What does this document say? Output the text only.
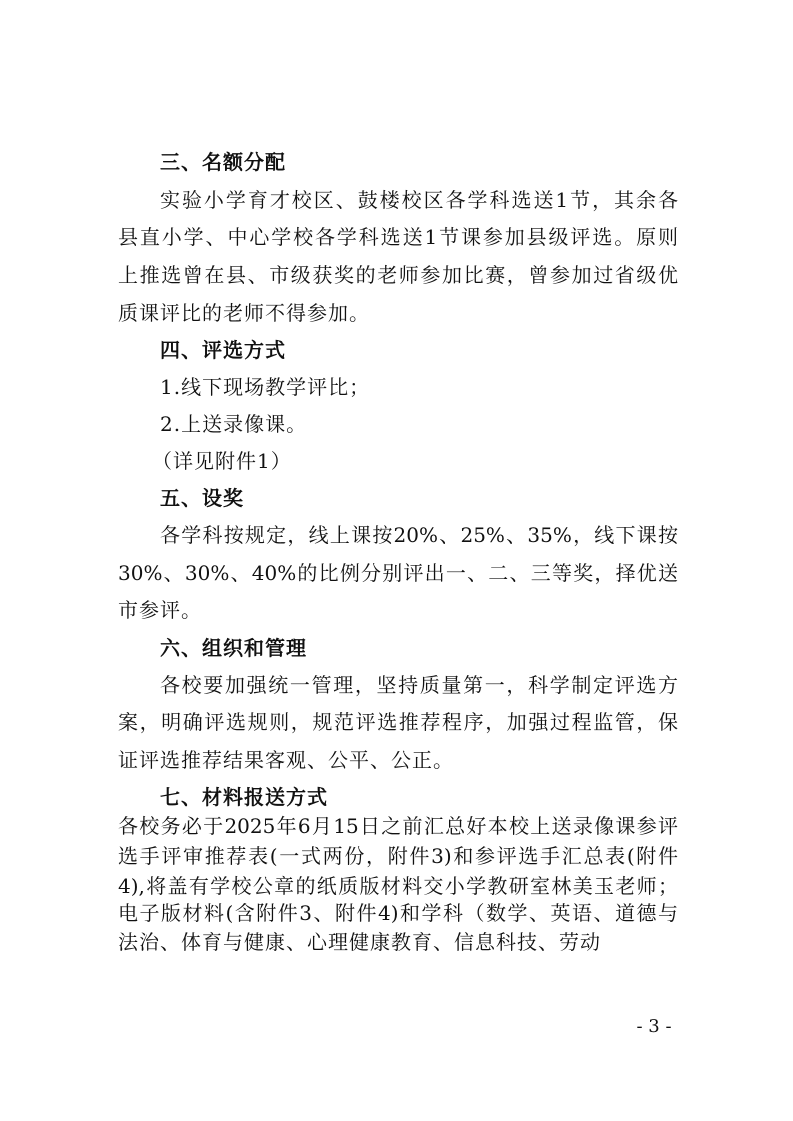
三、名额分配
实验小学育才校区、鼓楼校区各学科选送1节，其余各
县直小学、中心学校各学科选送1节课参加县级评选。原则
上推选曾在县、市级获奖的老师参加比赛，曾参加过省级优
质课评比的老师不得参加。
四、评选方式
1.线下现场教学评比；
2.上送录像课。
（详见附件1）
五、设奖
各学科按规定，线上课按20%、25%、35%，线下课按
30%、30%、40%的比例分别评出一、二、三等奖，择优送
市参评。
六、组织和管理
各校要加强统一管理，坚持质量第一，科学制定评选方
案，明确评选规则，规范评选推荐程序，加强过程监管，保
证评选推荐结果客观、公平、公正。
七、材料报送方式
各校务必于2025年6月15日之前汇总好本校上送录像课参评
选手评审推荐表(一式两份，附件3)和参评选手汇总表(附件
4),将盖有学校公章的纸质版材料交小学教研室林美玉老师；
电子版材料(含附件3、附件4)和学科（数学、英语、道德与
法治、体育与健康、心理健康教育、信息科技、劳动
- 3 -
